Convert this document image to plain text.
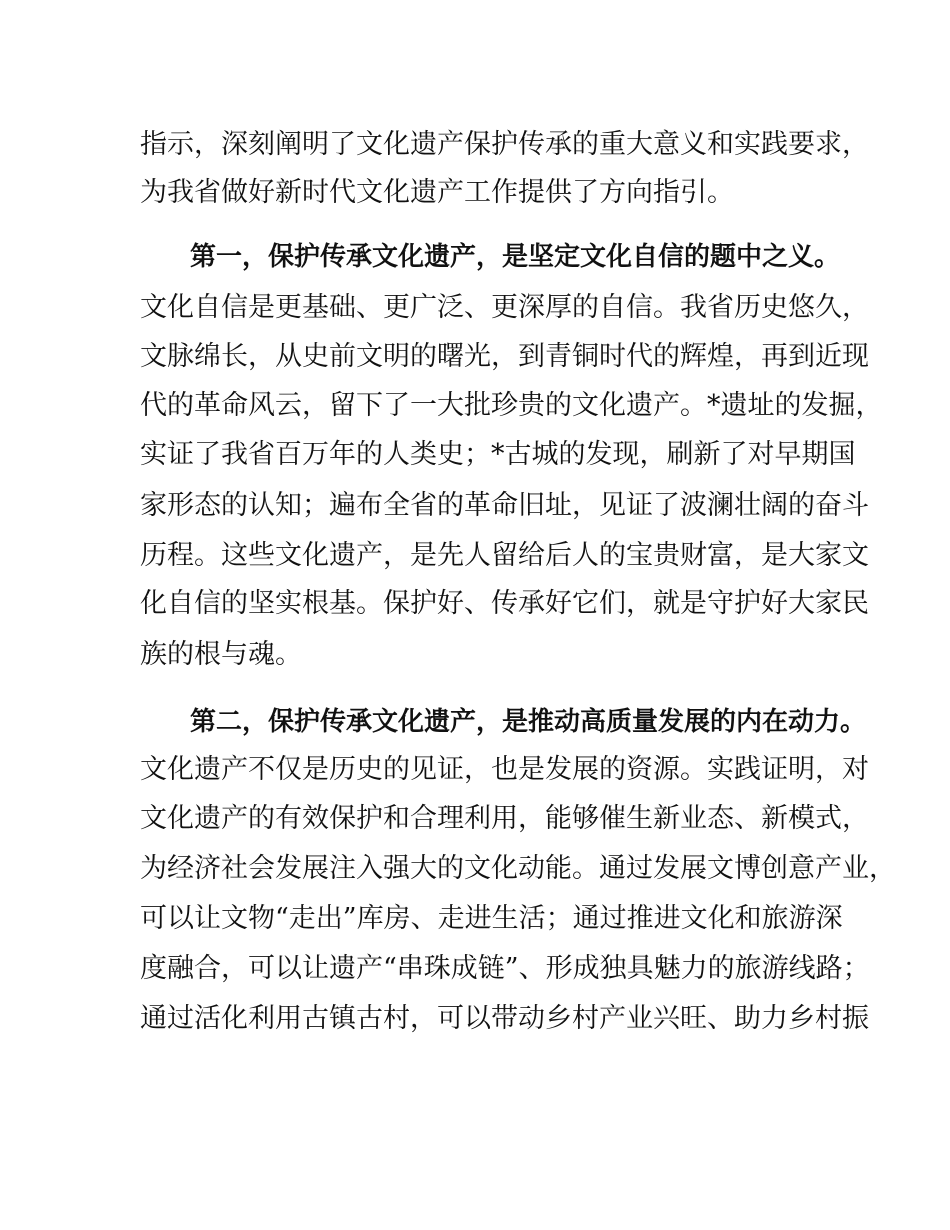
指示，深刻阐明了文化遗产保护传承的重大意义和实践要求，
为我省做好新时代文化遗产工作提供了方向指引。
第一，保护传承文化遗产，是坚定文化自信的题中之义。
文化自信是更基础、更广泛、更深厚的自信。我省历史悠久，
文脉绵长，从史前文明的曙光，到青铜时代的辉煌，再到近现
代的革命风云，留下了一大批珍贵的文化遗产。*遗址的发掘，
实证了我省百万年的人类史；*古城的发现，刷新了对早期国
家形态的认知；遍布全省的革命旧址，见证了波澜壮阔的奋斗
历程。这些文化遗产，是先人留给后人的宝贵财富，是大家文
化自信的坚实根基。保护好、传承好它们，就是守护好大家民
族的根与魂。
第二，保护传承文化遗产，是推动高质量发展的内在动力。
文化遗产不仅是历史的见证，也是发展的资源。实践证明，对
文化遗产的有效保护和合理利用，能够催生新业态、新模式，
为经济社会发展注入强大的文化动能。通过发展文博创意产业，
可以让文物“走出”库房、走进生活；通过推进文化和旅游深
度融合，可以让遗产“串珠成链”、形成独具魅力的旅游线路；
通过活化利用古镇古村，可以带动乡村产业兴旺、助力乡村振
